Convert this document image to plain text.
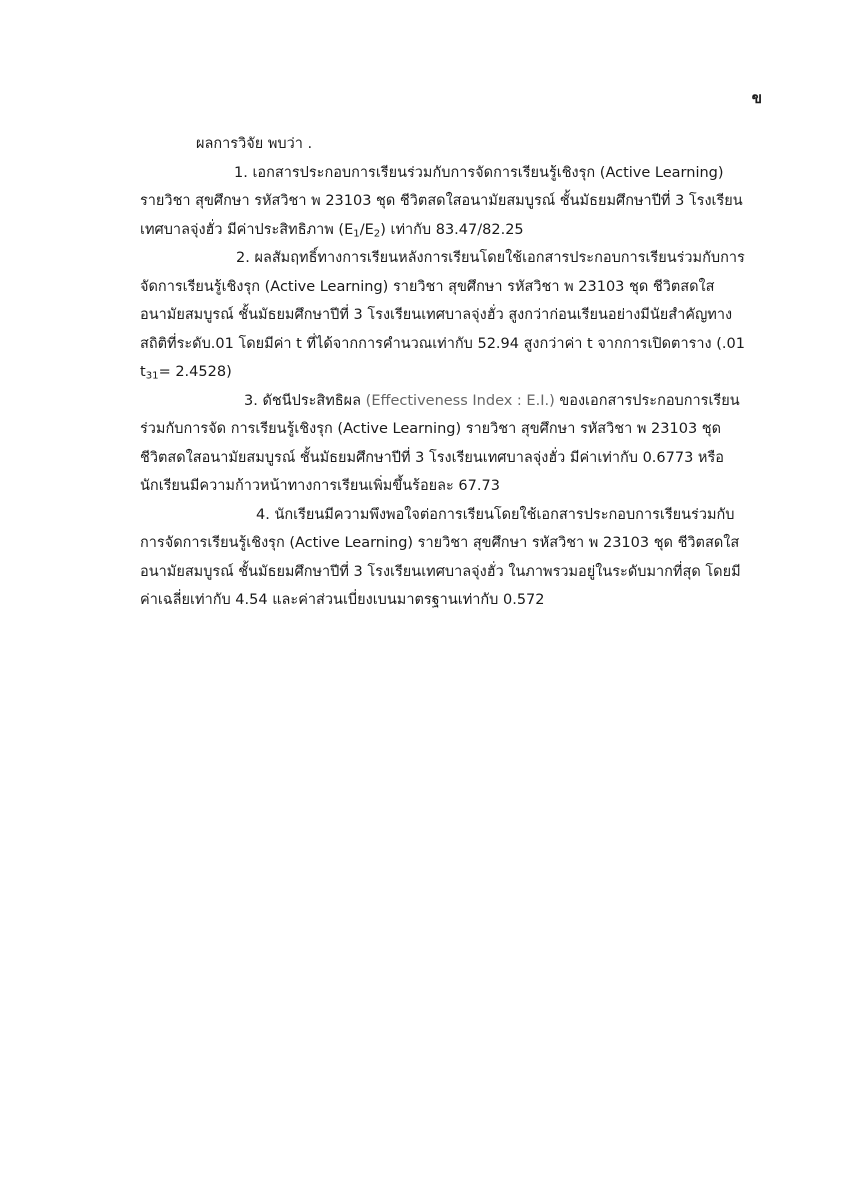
ข

ผลการวิจัย พบว่า .

1. เอกสารประกอบการเรียนร่วมกับการจัดการเรียนรู้เชิงรุก (Active Learning) รายวิชา สุขศึกษา รหัสวิชา พ 23103 ชุด ชีวิตสดใสอนามัยสมบูรณ์ ชั้นมัธยมศึกษาปีที่ 3 โรงเรียนเทศบาลจุ่งฮั่ว มีค่าประสิทธิภาพ $(E_1/E_2)$ เท่ากับ 83.47/82.25

2. ผลสัมฤทธิ์ทางการเรียนหลังการเรียนโดยใช้เอกสารประกอบการเรียนร่วมกับการจัดการเรียนรู้เชิงรุก (Active Learning) รายวิชา สุขศึกษา รหัสวิชา พ 23103 ชุด ชีวิตสดใสอนามัยสมบูรณ์ ชั้นมัธยมศึกษาปีที่ 3 โรงเรียนเทศบาลจุ่งฮั่ว สูงกว่าก่อนเรียนอย่างมีนัยสำคัญทางสถิติที่ระดับ.01 โดยมีค่า t ที่ได้จากการคำนวณเท่ากับ 52.94 สูงกว่าค่า t จากการเปิดตาราง (.01 $t_{31}= 2.4528$)

3. ดัชนีประสิทธิผล (Effectiveness Index : E.I.) ของเอกสารประกอบการเรียนร่วมกับการจัด การเรียนรู้เชิงรุก (Active Learning) รายวิชา สุขศึกษา รหัสวิชา พ 23103 ชุด ชีวิตสดใสอนามัยสมบูรณ์ ชั้นมัธยมศึกษาปีที่ 3 โรงเรียนเทศบาลจุ่งฮั่ว มีค่าเท่ากับ 0.6773 หรือนักเรียนมีความก้าวหน้าทางการเรียนเพิ่มขึ้นร้อยละ 67.73

4. นักเรียนมีความพึงพอใจต่อการเรียนโดยใช้เอกสารประกอบการเรียนร่วมกับการจัดการเรียนรู้เชิงรุก (Active Learning) รายวิชา สุขศึกษา รหัสวิชา พ 23103 ชุด ชีวิตสดใสอนามัยสมบูรณ์ ชั้นมัธยมศึกษาปีที่ 3 โรงเรียนเทศบาลจุ่งฮั่ว ในภาพรวมอยู่ในระดับมากที่สุด โดยมีค่าเฉลี่ยเท่ากับ 4.54 และค่าส่วนเบี่ยงเบนมาตรฐานเท่ากับ 0.572
